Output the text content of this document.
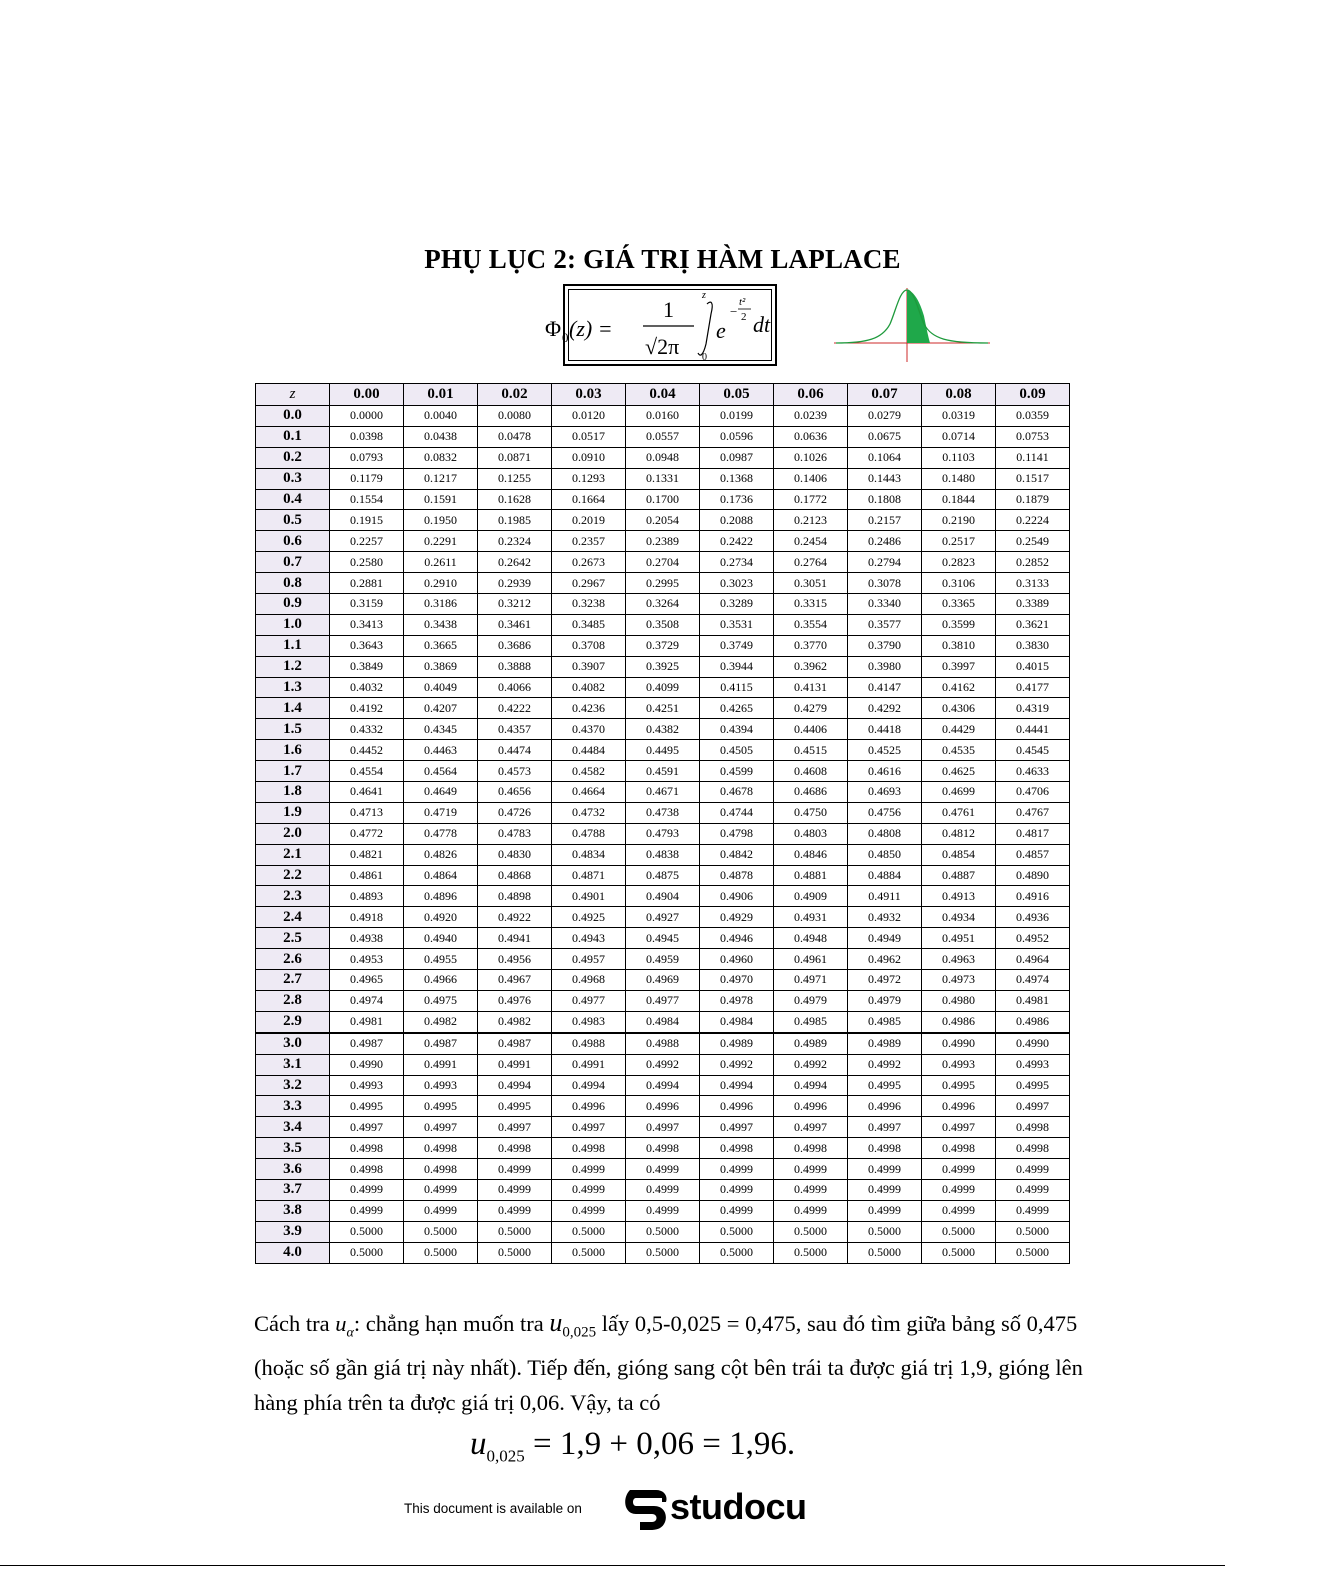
PHỤ LỤC 2: GIÁ TRỊ HÀM LAPLACE
Φ 0 (z) =
1
√2π
z
0
e
−
t²
2 dt
z	0.00	0.01	0.02	0.03	0.04	0.05	0.06	0.07	0.08	0.09
0.0	0.0000	0.0040	0.0080	0.0120	0.0160	0.0199	0.0239	0.0279	0.0319	0.0359
0.1	0.0398	0.0438	0.0478	0.0517	0.0557	0.0596	0.0636	0.0675	0.0714	0.0753
0.2	0.0793	0.0832	0.0871	0.0910	0.0948	0.0987	0.1026	0.1064	0.1103	0.1141
0.3	0.1179	0.1217	0.1255	0.1293	0.1331	0.1368	0.1406	0.1443	0.1480	0.1517
0.4	0.1554	0.1591	0.1628	0.1664	0.1700	0.1736	0.1772	0.1808	0.1844	0.1879
0.5	0.1915	0.1950	0.1985	0.2019	0.2054	0.2088	0.2123	0.2157	0.2190	0.2224
0.6	0.2257	0.2291	0.2324	0.2357	0.2389	0.2422	0.2454	0.2486	0.2517	0.2549
0.7	0.2580	0.2611	0.2642	0.2673	0.2704	0.2734	0.2764	0.2794	0.2823	0.2852
0.8	0.2881	0.2910	0.2939	0.2967	0.2995	0.3023	0.3051	0.3078	0.3106	0.3133
0.9	0.3159	0.3186	0.3212	0.3238	0.3264	0.3289	0.3315	0.3340	0.3365	0.3389
1.0	0.3413	0.3438	0.3461	0.3485	0.3508	0.3531	0.3554	0.3577	0.3599	0.3621
1.1	0.3643	0.3665	0.3686	0.3708	0.3729	0.3749	0.3770	0.3790	0.3810	0.3830
1.2	0.3849	0.3869	0.3888	0.3907	0.3925	0.3944	0.3962	0.3980	0.3997	0.4015
1.3	0.4032	0.4049	0.4066	0.4082	0.4099	0.4115	0.4131	0.4147	0.4162	0.4177
1.4	0.4192	0.4207	0.4222	0.4236	0.4251	0.4265	0.4279	0.4292	0.4306	0.4319
1.5	0.4332	0.4345	0.4357	0.4370	0.4382	0.4394	0.4406	0.4418	0.4429	0.4441
1.6	0.4452	0.4463	0.4474	0.4484	0.4495	0.4505	0.4515	0.4525	0.4535	0.4545
1.7	0.4554	0.4564	0.4573	0.4582	0.4591	0.4599	0.4608	0.4616	0.4625	0.4633
1.8	0.4641	0.4649	0.4656	0.4664	0.4671	0.4678	0.4686	0.4693	0.4699	0.4706
1.9	0.4713	0.4719	0.4726	0.4732	0.4738	0.4744	0.4750	0.4756	0.4761	0.4767
2.0	0.4772	0.4778	0.4783	0.4788	0.4793	0.4798	0.4803	0.4808	0.4812	0.4817
2.1	0.4821	0.4826	0.4830	0.4834	0.4838	0.4842	0.4846	0.4850	0.4854	0.4857
2.2	0.4861	0.4864	0.4868	0.4871	0.4875	0.4878	0.4881	0.4884	0.4887	0.4890
2.3	0.4893	0.4896	0.4898	0.4901	0.4904	0.4906	0.4909	0.4911	0.4913	0.4916
2.4	0.4918	0.4920	0.4922	0.4925	0.4927	0.4929	0.4931	0.4932	0.4934	0.4936
2.5	0.4938	0.4940	0.4941	0.4943	0.4945	0.4946	0.4948	0.4949	0.4951	0.4952
2.6	0.4953	0.4955	0.4956	0.4957	0.4959	0.4960	0.4961	0.4962	0.4963	0.4964
2.7	0.4965	0.4966	0.4967	0.4968	0.4969	0.4970	0.4971	0.4972	0.4973	0.4974
2.8	0.4974	0.4975	0.4976	0.4977	0.4977	0.4978	0.4979	0.4979	0.4980	0.4981
2.9	0.4981	0.4982	0.4982	0.4983	0.4984	0.4984	0.4985	0.4985	0.4986	0.4986
3.0	0.4987	0.4987	0.4987	0.4988	0.4988	0.4989	0.4989	0.4989	0.4990	0.4990
3.1	0.4990	0.4991	0.4991	0.4991	0.4992	0.4992	0.4992	0.4992	0.4993	0.4993
3.2	0.4993	0.4993	0.4994	0.4994	0.4994	0.4994	0.4994	0.4995	0.4995	0.4995
3.3	0.4995	0.4995	0.4995	0.4996	0.4996	0.4996	0.4996	0.4996	0.4996	0.4997
3.4	0.4997	0.4997	0.4997	0.4997	0.4997	0.4997	0.4997	0.4997	0.4997	0.4998
3.5	0.4998	0.4998	0.4998	0.4998	0.4998	0.4998	0.4998	0.4998	0.4998	0.4998
3.6	0.4998	0.4998	0.4999	0.4999	0.4999	0.4999	0.4999	0.4999	0.4999	0.4999
3.7	0.4999	0.4999	0.4999	0.4999	0.4999	0.4999	0.4999	0.4999	0.4999	0.4999
3.8	0.4999	0.4999	0.4999	0.4999	0.4999	0.4999	0.4999	0.4999	0.4999	0.4999
3.9	0.5000	0.5000	0.5000	0.5000	0.5000	0.5000	0.5000	0.5000	0.5000	0.5000
4.0	0.5000	0.5000	0.5000	0.5000	0.5000	0.5000	0.5000	0.5000	0.5000	0.5000
Cách tra $u_\alpha$: chẳng hạn muốn tra $u_{0,025}$ lấy 0,5-0,025 = 0,475, sau đó tìm giữa bảng số 0,475 (hoặc số gần giá trị này nhất). Tiếp đến, gióng sang cột bên trái ta được giá trị 1,9, gióng lên hàng phía trên ta được giá trị 0,06. Vậy, ta có
$u_{0,025} = 1,9 + 0,06 = 1,96$.
This document is available on studocu
